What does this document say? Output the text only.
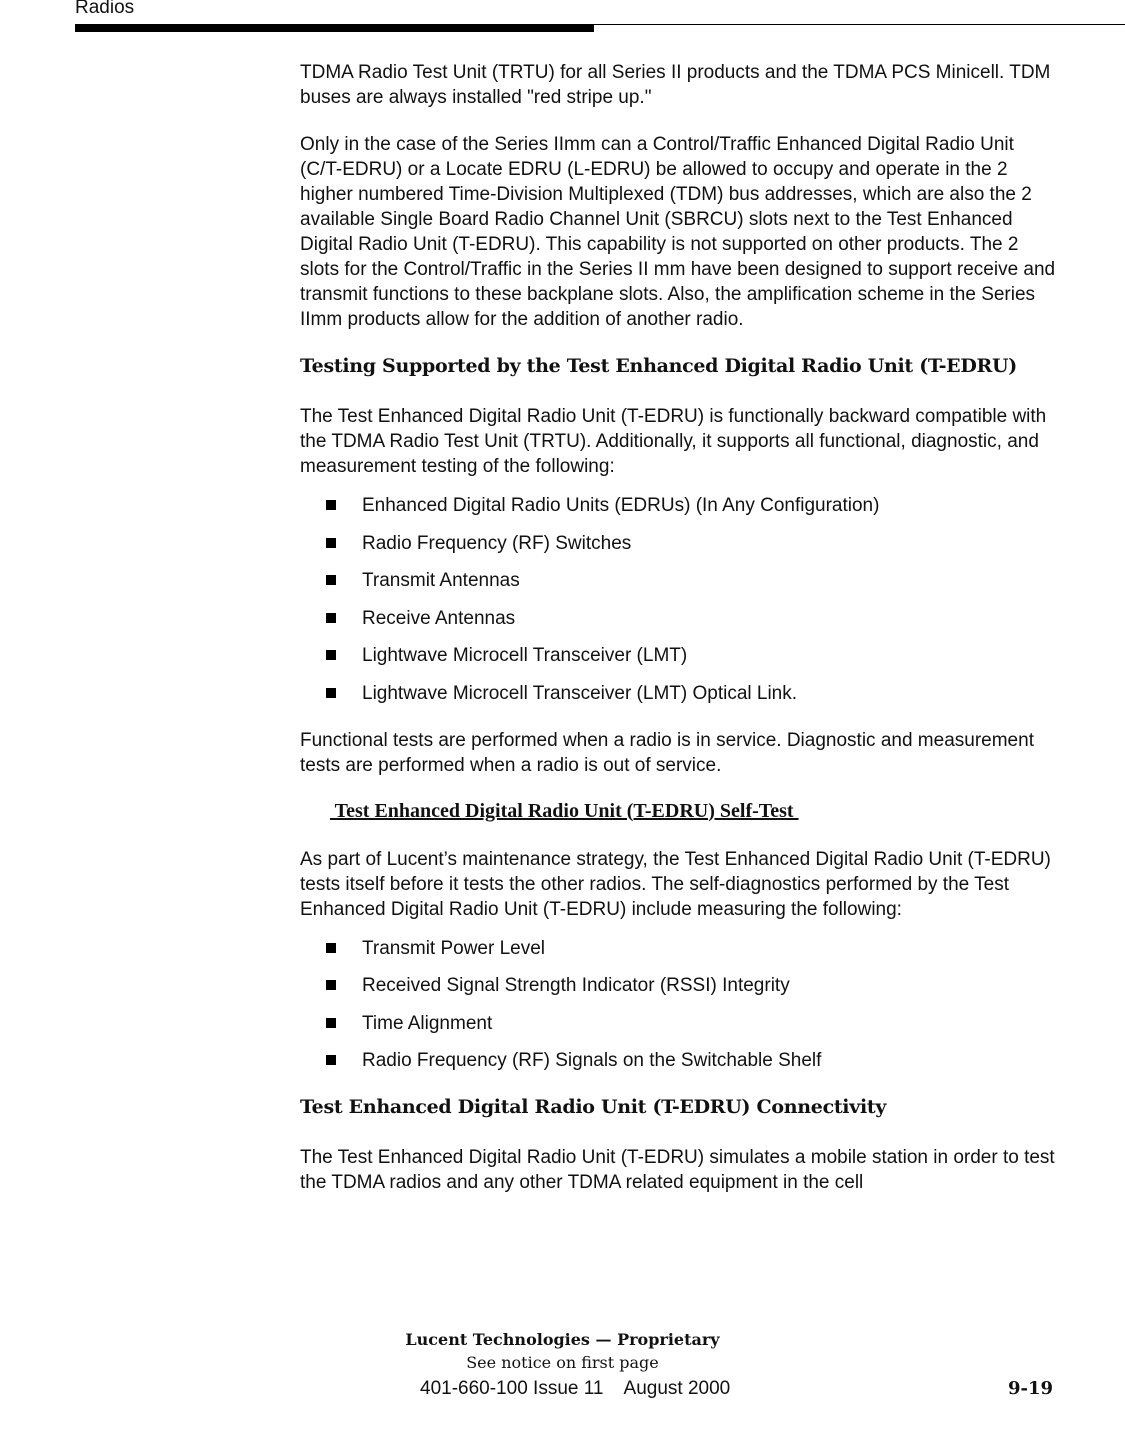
Radios

TDMA Radio Test Unit (TRTU) for all Series II products and the TDMA PCS Minicell. TDM buses are always installed "red stripe up."

Only in the case of the Series IImm can a Control/Traffic Enhanced Digital Radio Unit (C/T-EDRU) or a Locate EDRU (L-EDRU) be allowed to occupy and operate in the 2 higher numbered Time-Division Multiplexed (TDM) bus addresses, which are also the 2 available Single Board Radio Channel Unit (SBRCU) slots next to the Test Enhanced Digital Radio Unit (T-EDRU). This capability is not supported on other products. The 2 slots for the Control/Traffic in the Series II mm have been designed to support receive and transmit functions to these backplane slots. Also, the amplification scheme in the Series IImm products allow for the addition of another radio.

Testing Supported by the Test Enhanced Digital Radio Unit (T-EDRU)

The Test Enhanced Digital Radio Unit (T-EDRU) is functionally backward compatible with the TDMA Radio Test Unit (TRTU). Additionally, it supports all functional, diagnostic, and measurement testing of the following:

Enhanced Digital Radio Units (EDRUs) (In Any Configuration)
Radio Frequency (RF) Switches
Transmit Antennas
Receive Antennas
Lightwave Microcell Transceiver (LMT)
Lightwave Microcell Transceiver (LMT) Optical Link.

Functional tests are performed when a radio is in service. Diagnostic and measurement tests are performed when a radio is out of service.

Test Enhanced Digital Radio Unit (T-EDRU) Self-Test

As part of Lucent’s maintenance strategy, the Test Enhanced Digital Radio Unit (T-EDRU) tests itself before it tests the other radios. The self-diagnostics performed by the Test Enhanced Digital Radio Unit (T-EDRU) include measuring the following:

Transmit Power Level
Received Signal Strength Indicator (RSSI) Integrity
Time Alignment
Radio Frequency (RF) Signals on the Switchable Shelf
Test Enhanced Digital Radio Unit (T-EDRU) Connectivity

The Test Enhanced Digital Radio Unit (T-EDRU) simulates a mobile station in order to test the TDMA radios and any other TDMA related equipment in the cell

Lucent Technologies — Proprietary
See notice on first page
401-660-100 Issue 11    August 2000	9-19
